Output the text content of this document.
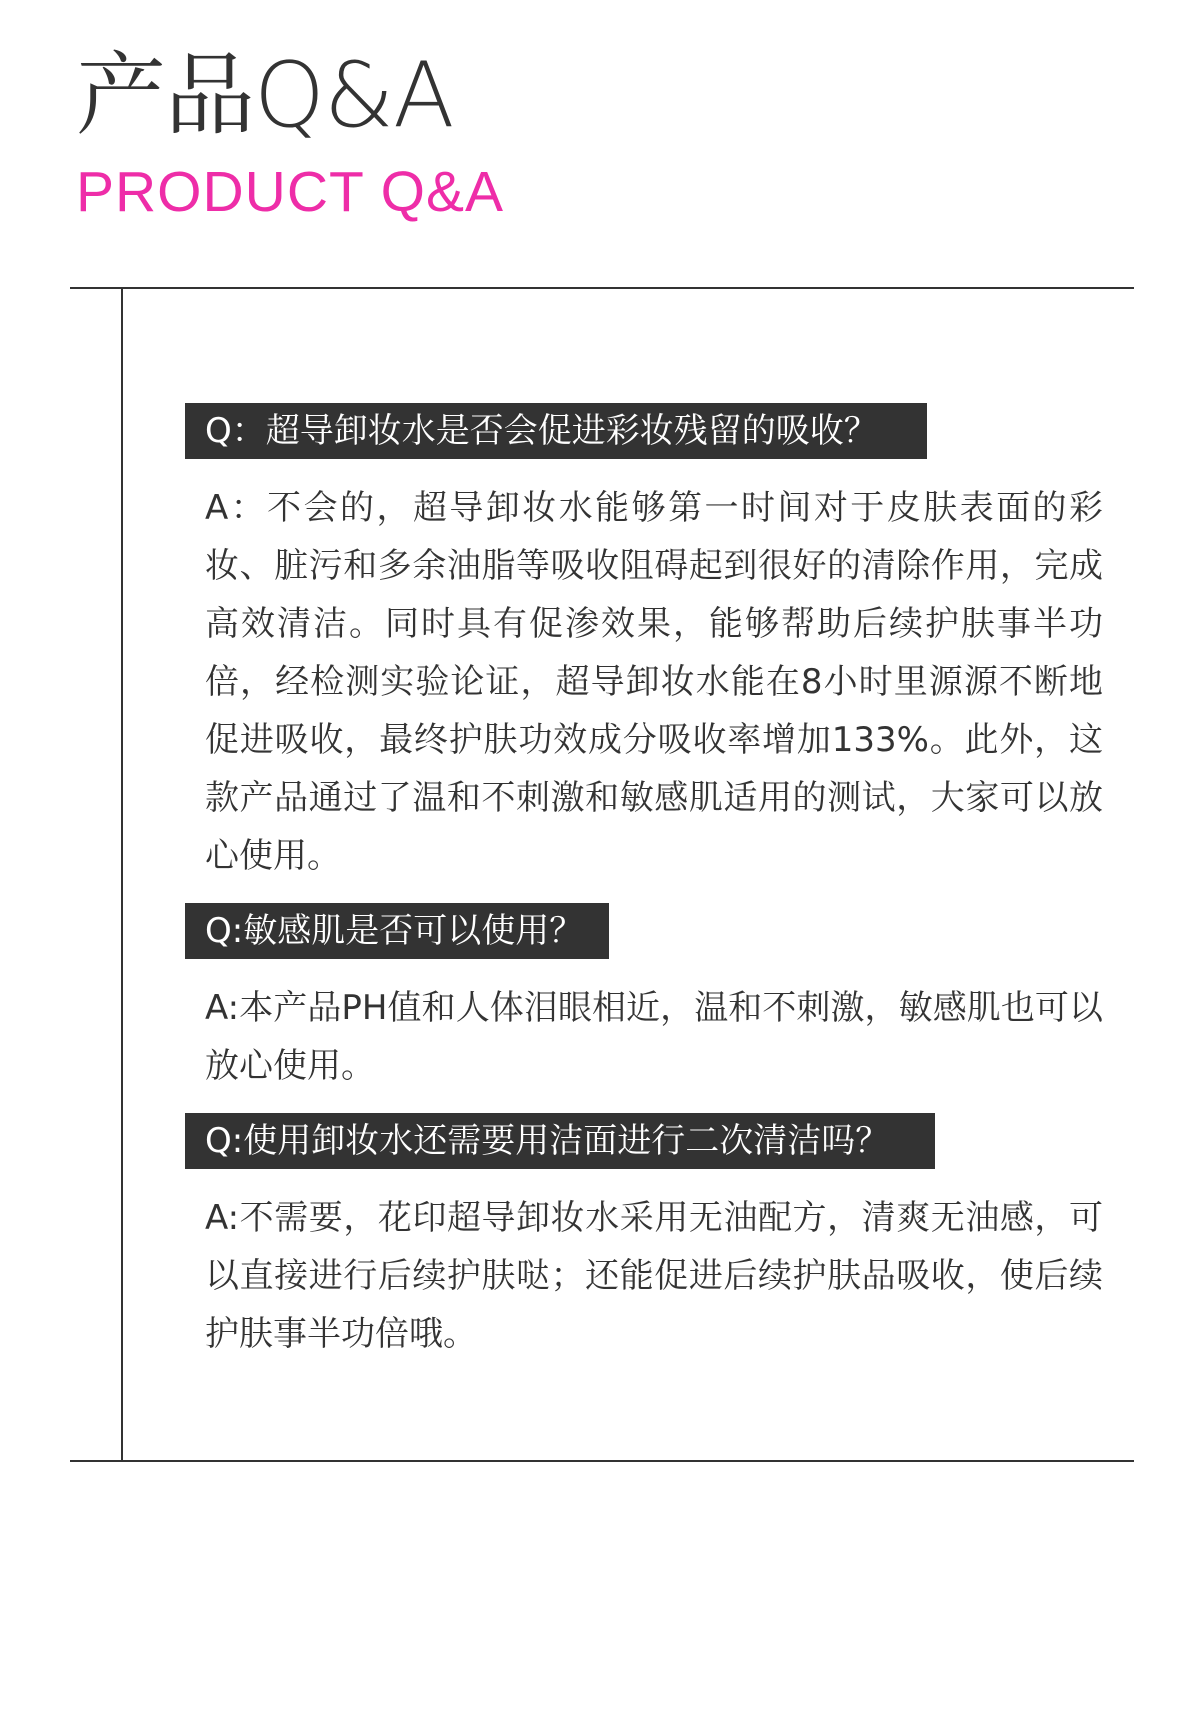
产品Q&A
PRODUCT Q&A
Q：超导卸妆水是否会促进彩妆残留的吸收？

A：不会的，超导卸妆水能够第一时间对于皮肤表面的彩妆、脏污和多余油脂等吸收阻碍起到很好的清除作用，完成高效清洁。同时具有促渗效果，能够帮助后续护肤事半功倍，经检测实验论证，超导卸妆水能在8小时里源源不断地促进吸收，最终护肤功效成分吸收率增加133%。此外，这款产品通过了温和不刺激和敏感肌适用的测试，大家可以放心使用。

Q:敏感肌是否可以使用？

A:本产品PH值和人体泪眼相近，温和不刺激，敏感肌也可以放心使用。

Q:使用卸妆水还需要用洁面进行二次清洁吗？

A:不需要，花印超导卸妆水采用无油配方，清爽无油感，可以直接进行后续护肤哒；还能促进后续护肤品吸收，使后续护肤事半功倍哦。
